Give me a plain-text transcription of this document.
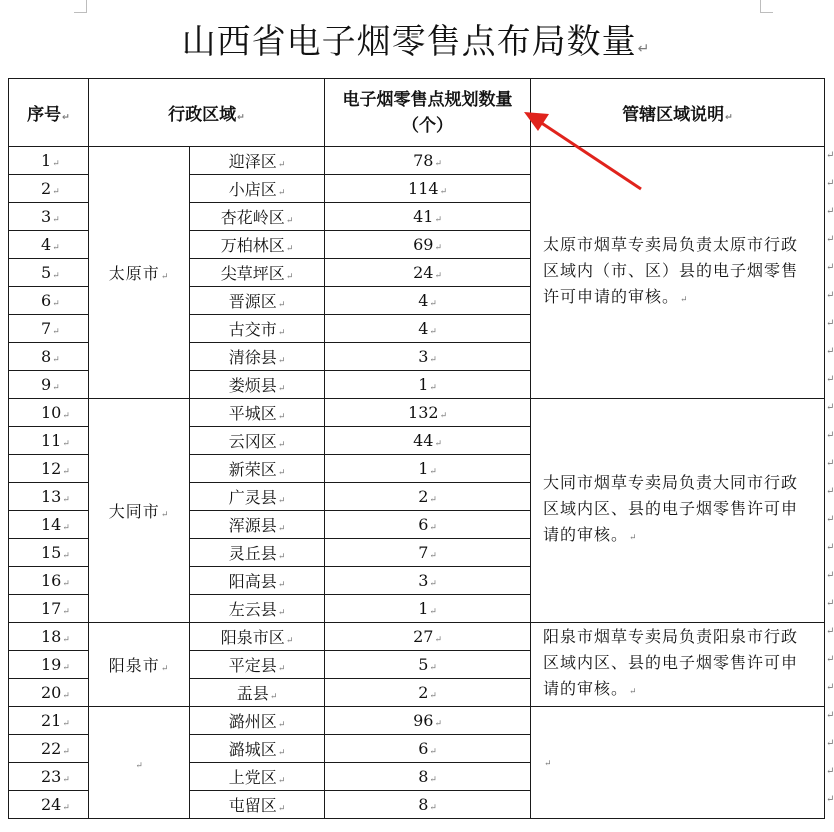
山西省电子烟零售点布局数量↵
序号↵	行政区域↵		电子烟零售点规划数量（个）	管辖区域说明↵
1↵	太原市↵	迎泽区↵	78↵	太原市烟草专卖局负责太原市行政区域内（市、区）县的电子烟零售许可申请的审核。↵
2↵		小店区↵	114↵	
3↵		杏花岭区↵	41↵	
4↵		万柏林区↵	69↵	
5↵		尖草坪区↵	24↵	
6↵		晋源区↵	4↵	
7↵		古交市↵	4↵	
8↵		清徐县↵	3↵	
9↵		娄烦县↵	1↵	
10↵	大同市↵	平城区↵	132↵	大同市烟草专卖局负责大同市行政区域内区、县的电子烟零售许可申请的审核。↵
11↵		云冈区↵	44↵	
12↵		新荣区↵	1↵	
13↵		广灵县↵	2↵	
14↵		浑源县↵	6↵	
15↵		灵丘县↵	7↵	
16↵		阳高县↵	3↵	
17↵		左云县↵	1↵	
18↵	阳泉市↵	阳泉市区↵	27↵	阳泉市烟草专卖局负责阳泉市行政区域内区、县的电子烟零售许可申请的审核。↵
19↵		平定县↵	5↵	
20↵		盂县↵	2↵	
21↵	↵	潞州区↵	96↵	↵
22↵		潞城区↵	6↵	
23↵		上党区↵	8↵	
24↵		屯留区↵	8↵	
↵
↵
↵
↵
↵
↵
↵
↵
↵
↵
↵
↵
↵
↵
↵
↵
↵
↵
↵
↵
↵
↵
↵
↵
